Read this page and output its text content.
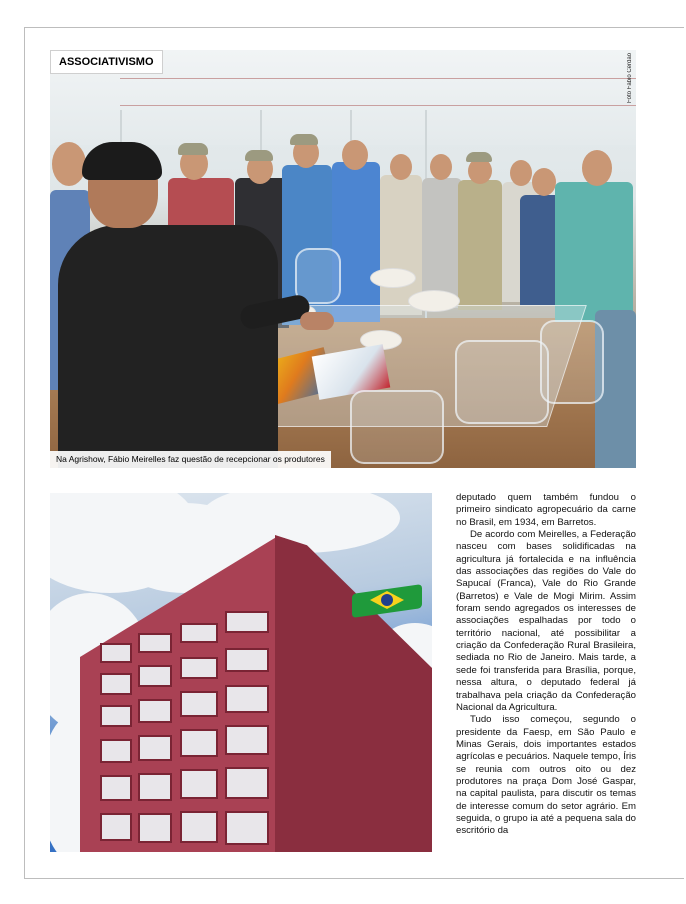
ASSOCIATIVISMO	Foto Fabio Cerdao
Na Agrishow, Fábio Meirelles faz questão de recepcionar os produtores

deputado quem também fundou o primeiro sindicato agropecuário da carne no Brasil, em 1934, em Barretos.

De acordo com Meirelles, a Federação nasceu com bases solidificadas na agricultura já fortalecida e na influência das associações das regiões do Vale do Sapucaí (Franca), Vale do Rio Grande (Barretos) e Vale de Mogi Mirim. Assim foram sendo agregados os interesses de associações espalhadas por todo o território nacional, até possibilitar a criação da Confederação Rural Brasileira, sediada no Rio de Janeiro. Mais tarde, a sede foi transferida para Brasília, porque, nessa altura, o deputado federal já trabalhava pela criação da Confederação Nacional da Agricultura.

Tudo isso começou, segundo o presidente da Faesp, em São Paulo e Minas Gerais, dois importantes estados agrícolas e pecuários. Naquele tempo, Íris se reunia com outros oito ou dez produtores na praça Dom José Gaspar, na capital paulista, para discutir os temas de interesse comum do setor agrário. Em seguida, o grupo ia até a pequena sala do escritório da
